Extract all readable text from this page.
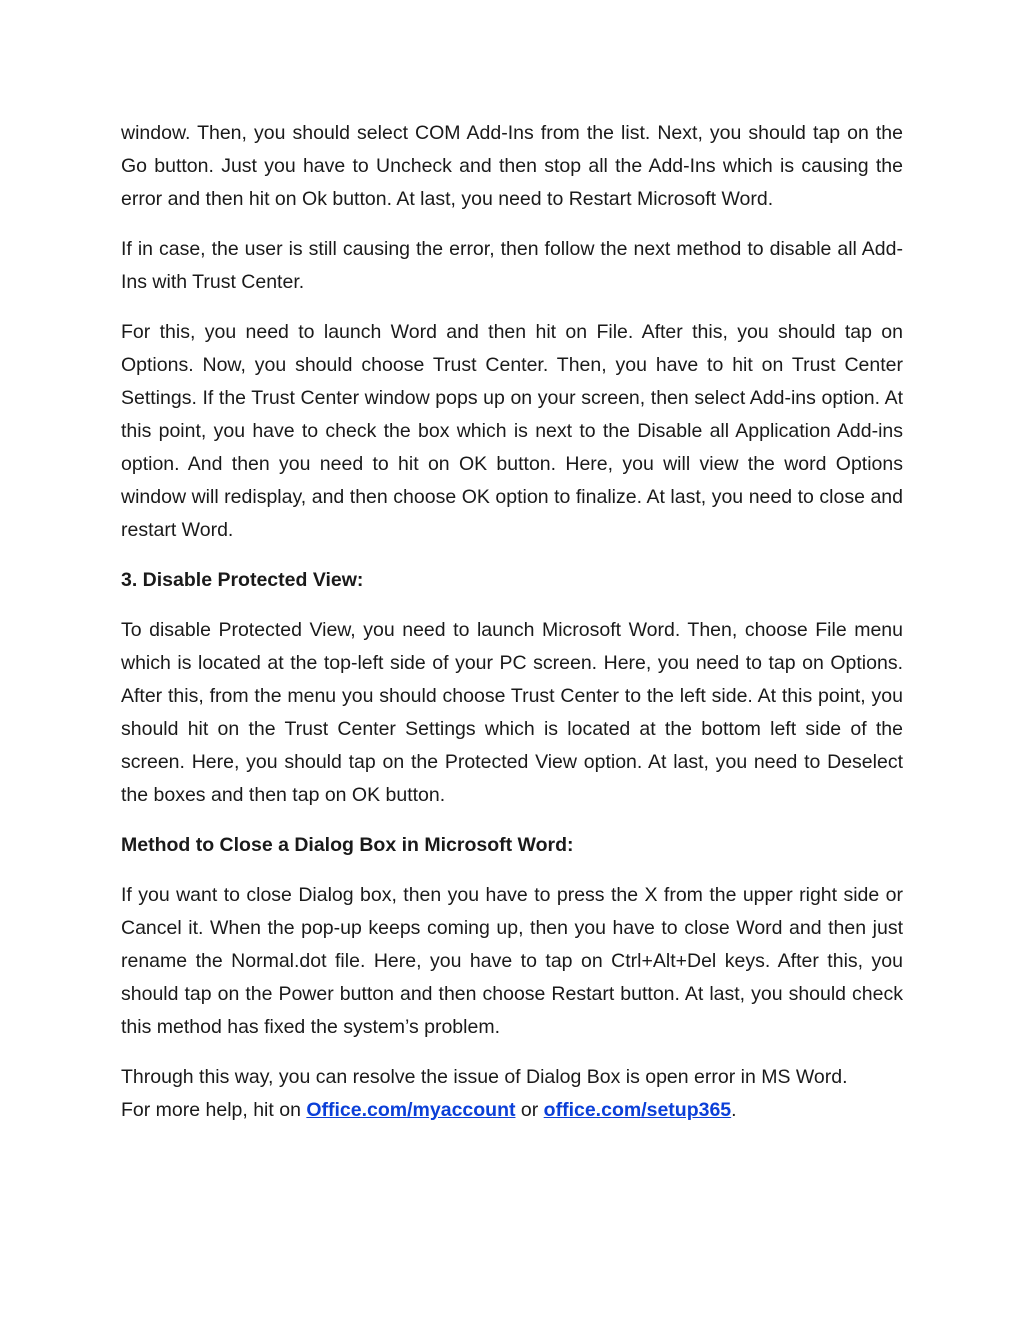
window. Then, you should select COM Add-Ins from the list. Next, you should tap on the Go button. Just you have to Uncheck and then stop all the Add-Ins which is causing the error and then hit on Ok button. At last, you need to Restart Microsoft Word.

If in case, the user is still causing the error, then follow the next method to disable all Add-Ins with Trust Center.

For this, you need to launch Word and then hit on File. After this, you should tap on Options. Now, you should choose Trust Center. Then, you have to hit on Trust Center Settings. If the Trust Center window pops up on your screen, then select Add-ins option. At this point, you have to check the box which is next to the Disable all Application Add-ins option. And then you need to hit on OK button. Here, you will view the word Options window will redisplay, and then choose OK option to finalize. At last, you need to close and restart Word.

3. Disable Protected View:

To disable Protected View, you need to launch Microsoft Word. Then, choose File menu which is located at the top-left side of your PC screen. Here, you need to tap on Options. After this, from the menu you should choose Trust Center to the left side. At this point, you should hit on the Trust Center Settings which is located at the bottom left side of the screen. Here, you should tap on the Protected View option. At last, you need to Deselect the boxes and then tap on OK button.

Method to Close a Dialog Box in Microsoft Word:

If you want to close Dialog box, then you have to press the X from the upper right side or Cancel it. When the pop-up keeps coming up, then you have to close Word and then just rename the Normal.dot file. Here, you have to tap on Ctrl+Alt+Del keys. After this, you should tap on the Power button and then choose Restart button. At last, you should check this method has fixed the system’s problem.

Through this way, you can resolve the issue of Dialog Box is open error in MS Word.

For more help, hit on Office.com/myaccount or office.com/setup365.
